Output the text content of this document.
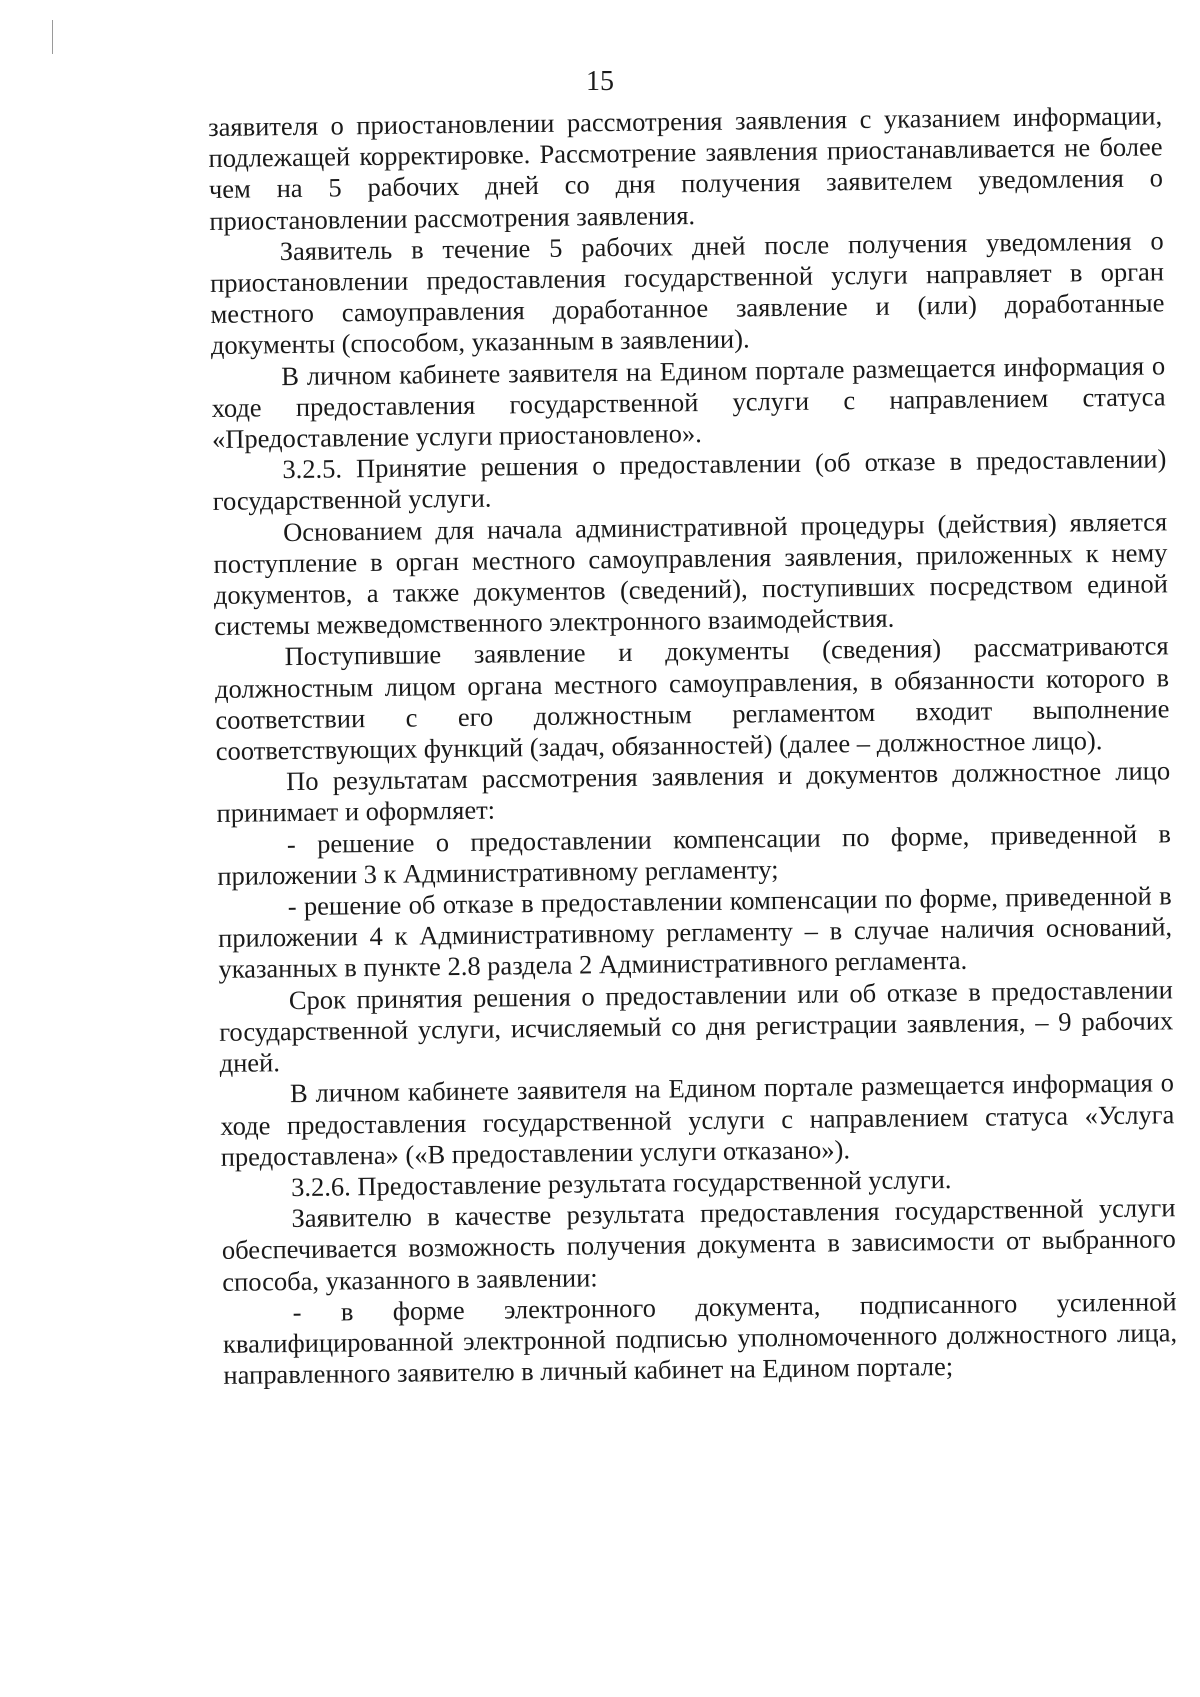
15

заявителя о приостановлении рассмотрения заявления с указанием информации, подлежащей корректировке. Рассмотрение заявления приостанавливается не более чем на 5 рабочих дней со дня получения заявителем уведомления о приостановлении рассмотрения заявления.

Заявитель в течение 5 рабочих дней после получения уведомления о приостановлении предоставления государственной услуги направляет в орган местного самоуправления доработанное заявление и (или) доработанные документы (способом, указанным в заявлении).

В личном кабинете заявителя на Едином портале размещается информация о ходе предоставления государственной услуги с направлением статуса «Предоставление услуги приостановлено».

3.2.5. Принятие решения о предоставлении (об отказе в предоставлении) государственной услуги.

Основанием для начала административной процедуры (действия) является поступление в орган местного самоуправления заявления, приложенных к нему документов, а также документов (сведений), поступивших посредством единой системы межведомственного электронного взаимодействия.

Поступившие заявление и документы (сведения) рассматриваются должностным лицом органа местного самоуправления, в обязанности которого в соответствии с его должностным регламентом входит выполнение соответствующих функций (задач, обязанностей) (далее – должностное лицо).

По результатам рассмотрения заявления и документов должностное лицо принимает и оформляет:

- решение о предоставлении компенсации по форме, приведенной в приложении 3 к Административному регламенту;

- решение об отказе в предоставлении компенсации по форме, приведенной в приложении 4 к Административному регламенту – в случае наличия оснований, указанных в пункте 2.8 раздела 2 Административного регламента.

Срок принятия решения о предоставлении или об отказе в предоставлении государственной услуги, исчисляемый со дня регистрации заявления, – 9 рабочих дней.

В личном кабинете заявителя на Едином портале размещается информация о ходе предоставления государственной услуги с направлением статуса «Услуга предоставлена» («В предоставлении услуги отказано»).

3.2.6. Предоставление результата государственной услуги.

Заявителю в качестве результата предоставления государственной услуги обеспечивается возможность получения документа в зависимости от выбранного способа, указанного в заявлении:

- в форме электронного документа, подписанного усиленной квалифицированной электронной подписью уполномоченного должностного лица, направленного заявителю в личный кабинет на Едином портале;
